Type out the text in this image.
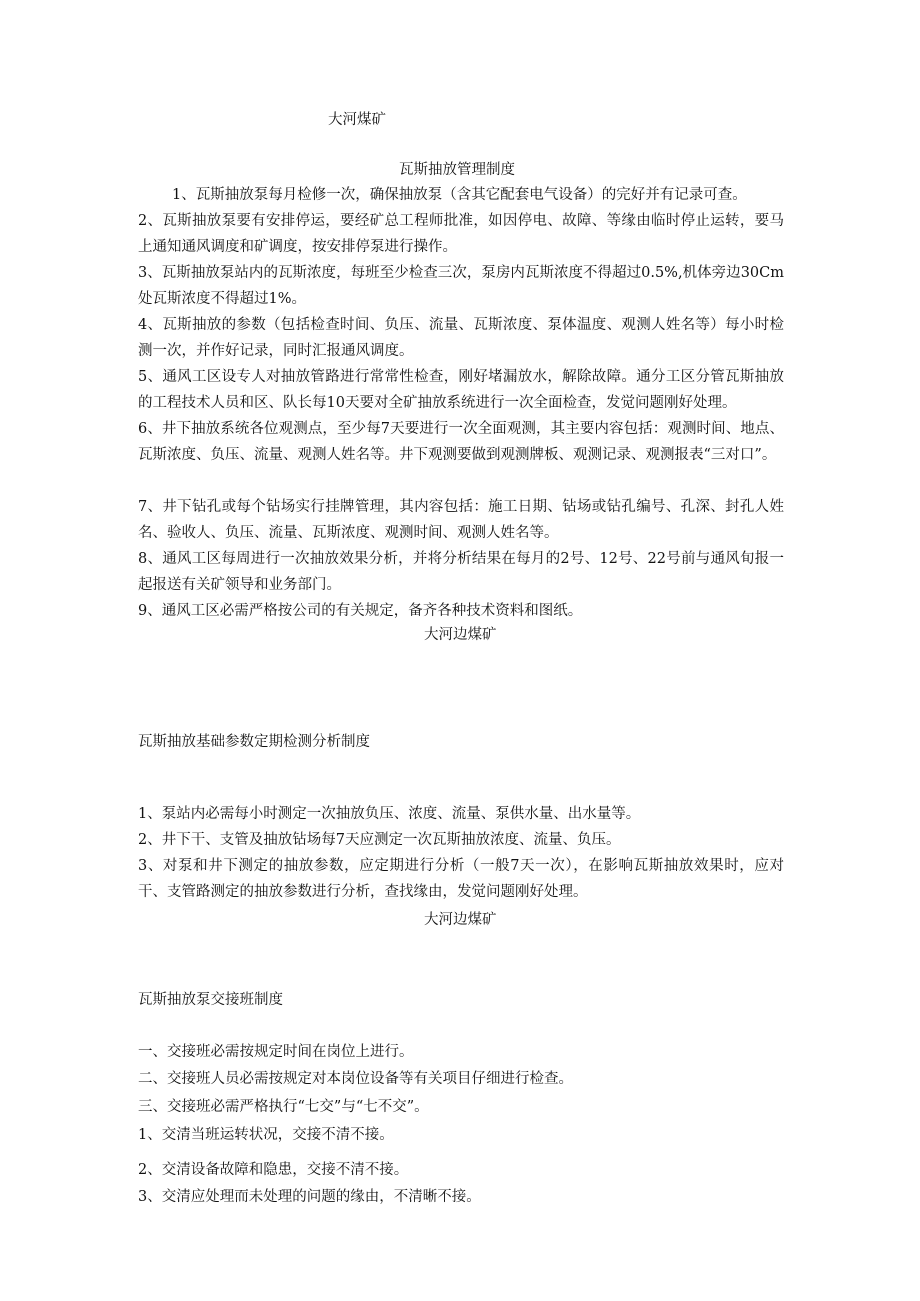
大河煤矿
瓦斯抽放管理制度
1、瓦斯抽放泵每月检修一次，确保抽放泵（含其它配套电气设备）的完好并有记录可查。
2、瓦斯抽放泵要有安排停运，要经矿总工程师批准，如因停电、故障、等缘由临时停止运转，要马上通知通风调度和矿调度，按安排停泵进行操作。
3、瓦斯抽放泵站内的瓦斯浓度，每班至少检查三次，泵房内瓦斯浓度不得超过0.5%,机体旁边30Cm处瓦斯浓度不得超过1%。
4、瓦斯抽放的参数（包括检查时间、负压、流量、瓦斯浓度、泵体温度、观测人姓名等）每小时检测一次，并作好记录，同时汇报通风调度。
5、通风工区设专人对抽放管路进行常常性检查，刚好堵漏放水，解除故障。通分工区分管瓦斯抽放的工程技术人员和区、队长每10天要对全矿抽放系统进行一次全面检查，发觉问题刚好处理。
6、井下抽放系统各位观测点，至少每7天要进行一次全面观测，其主要内容包括：观测时间、地点、瓦斯浓度、负压、流量、观测人姓名等。井下观测要做到观测牌板、观测记录、观测报表“三对口”。
7、井下钻孔或每个钻场实行挂牌管理，其内容包括：施工日期、钻场或钻孔编号、孔深、封孔人姓名、验收人、负压、流量、瓦斯浓度、观测时间、观测人姓名等。
8、通风工区每周进行一次抽放效果分析，并将分析结果在每月的2号、12号、22号前与通风旬报一起报送有关矿领导和业务部门。
9、通风工区必需严格按公司的有关规定，备齐各种技术资料和图纸。
大河边煤矿
瓦斯抽放基础参数定期检测分析制度
1、泵站内必需每小时测定一次抽放负压、浓度、流量、泵供水量、出水量等。
2、井下干、支管及抽放钻场每7天应测定一次瓦斯抽放浓度、流量、负压。
3、对泵和井下测定的抽放参数，应定期进行分析（一般7天一次），在影响瓦斯抽放效果时，应对干、支管路测定的抽放参数进行分析，查找缘由，发觉问题刚好处理。
大河边煤矿
瓦斯抽放泵交接班制度
一、交接班必需按规定时间在岗位上进行。
二、交接班人员必需按规定对本岗位设备等有关项目仔细进行检查。
三、交接班必需严格执行“七交”与“七不交”。
1、交清当班运转状况，交接不清不接。
2、交清设备故障和隐患，交接不清不接。
3、交清应处理而未处理的问题的缘由，不清晰不接。
